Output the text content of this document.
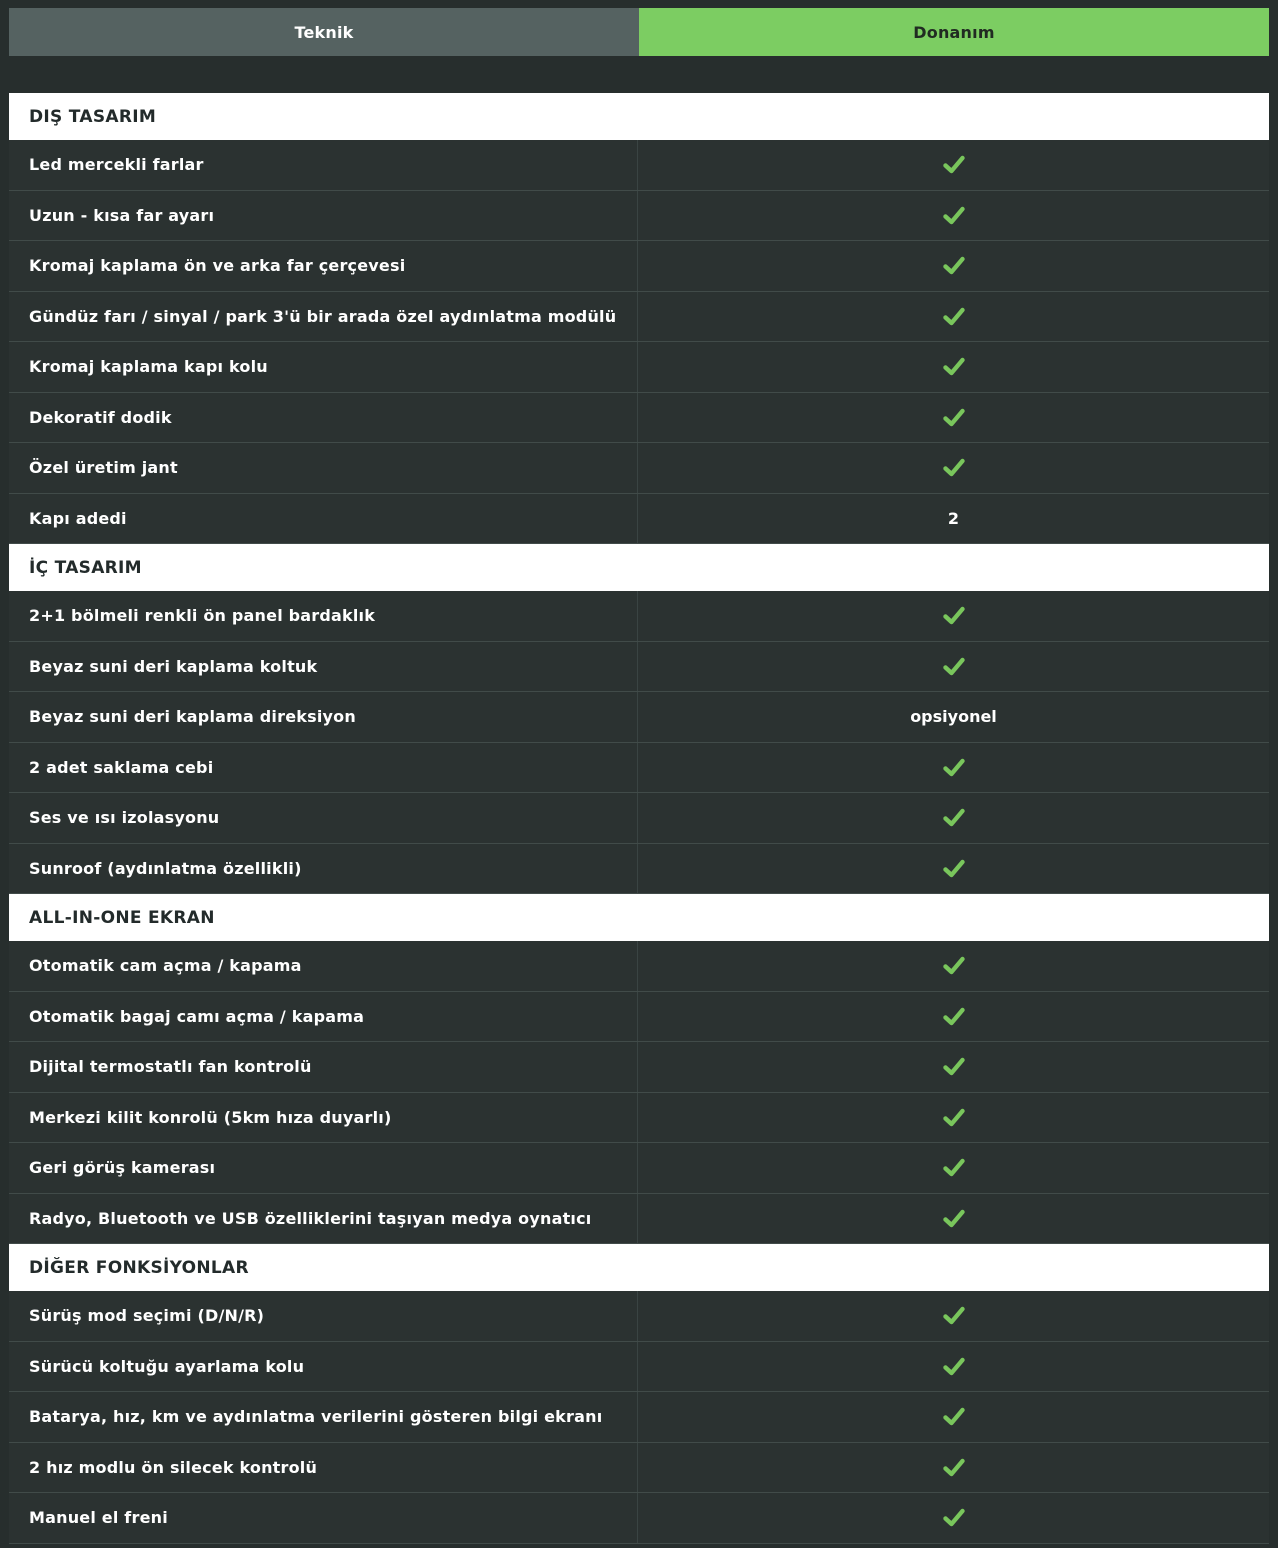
Teknik	Donanım
DIŞ TASARIM
Led mercekli farlar
Uzun - kısa far ayarı
Kromaj kaplama ön ve arka far çerçevesi
Gündüz farı / sinyal / park 3'ü bir arada özel aydınlatma modülü
Kromaj kaplama kapı kolu
Dekoratif dodik
Özel üretim jant
Kapı adedi	2
İÇ TASARIM
2+1 bölmeli renkli ön panel bardaklık
Beyaz suni deri kaplama koltuk
Beyaz suni deri kaplama direksiyon	opsiyonel
2 adet saklama cebi
Ses ve ısı izolasyonu
Sunroof (aydınlatma özellikli)
ALL-IN-ONE EKRAN
Otomatik cam açma / kapama
Otomatik bagaj camı açma / kapama
Dijital termostatlı fan kontrolü
Merkezi kilit konrolü (5km hıza duyarlı)
Geri görüş kamerası
Radyo, Bluetooth ve USB özelliklerini taşıyan medya oynatıcı
DİĞER FONKSİYONLAR
Sürüş mod seçimi (D/N/R)
Sürücü koltuğu ayarlama kolu
Batarya, hız, km ve aydınlatma verilerini gösteren bilgi ekranı
2 hız modlu ön silecek kontrolü
Manuel el freni
